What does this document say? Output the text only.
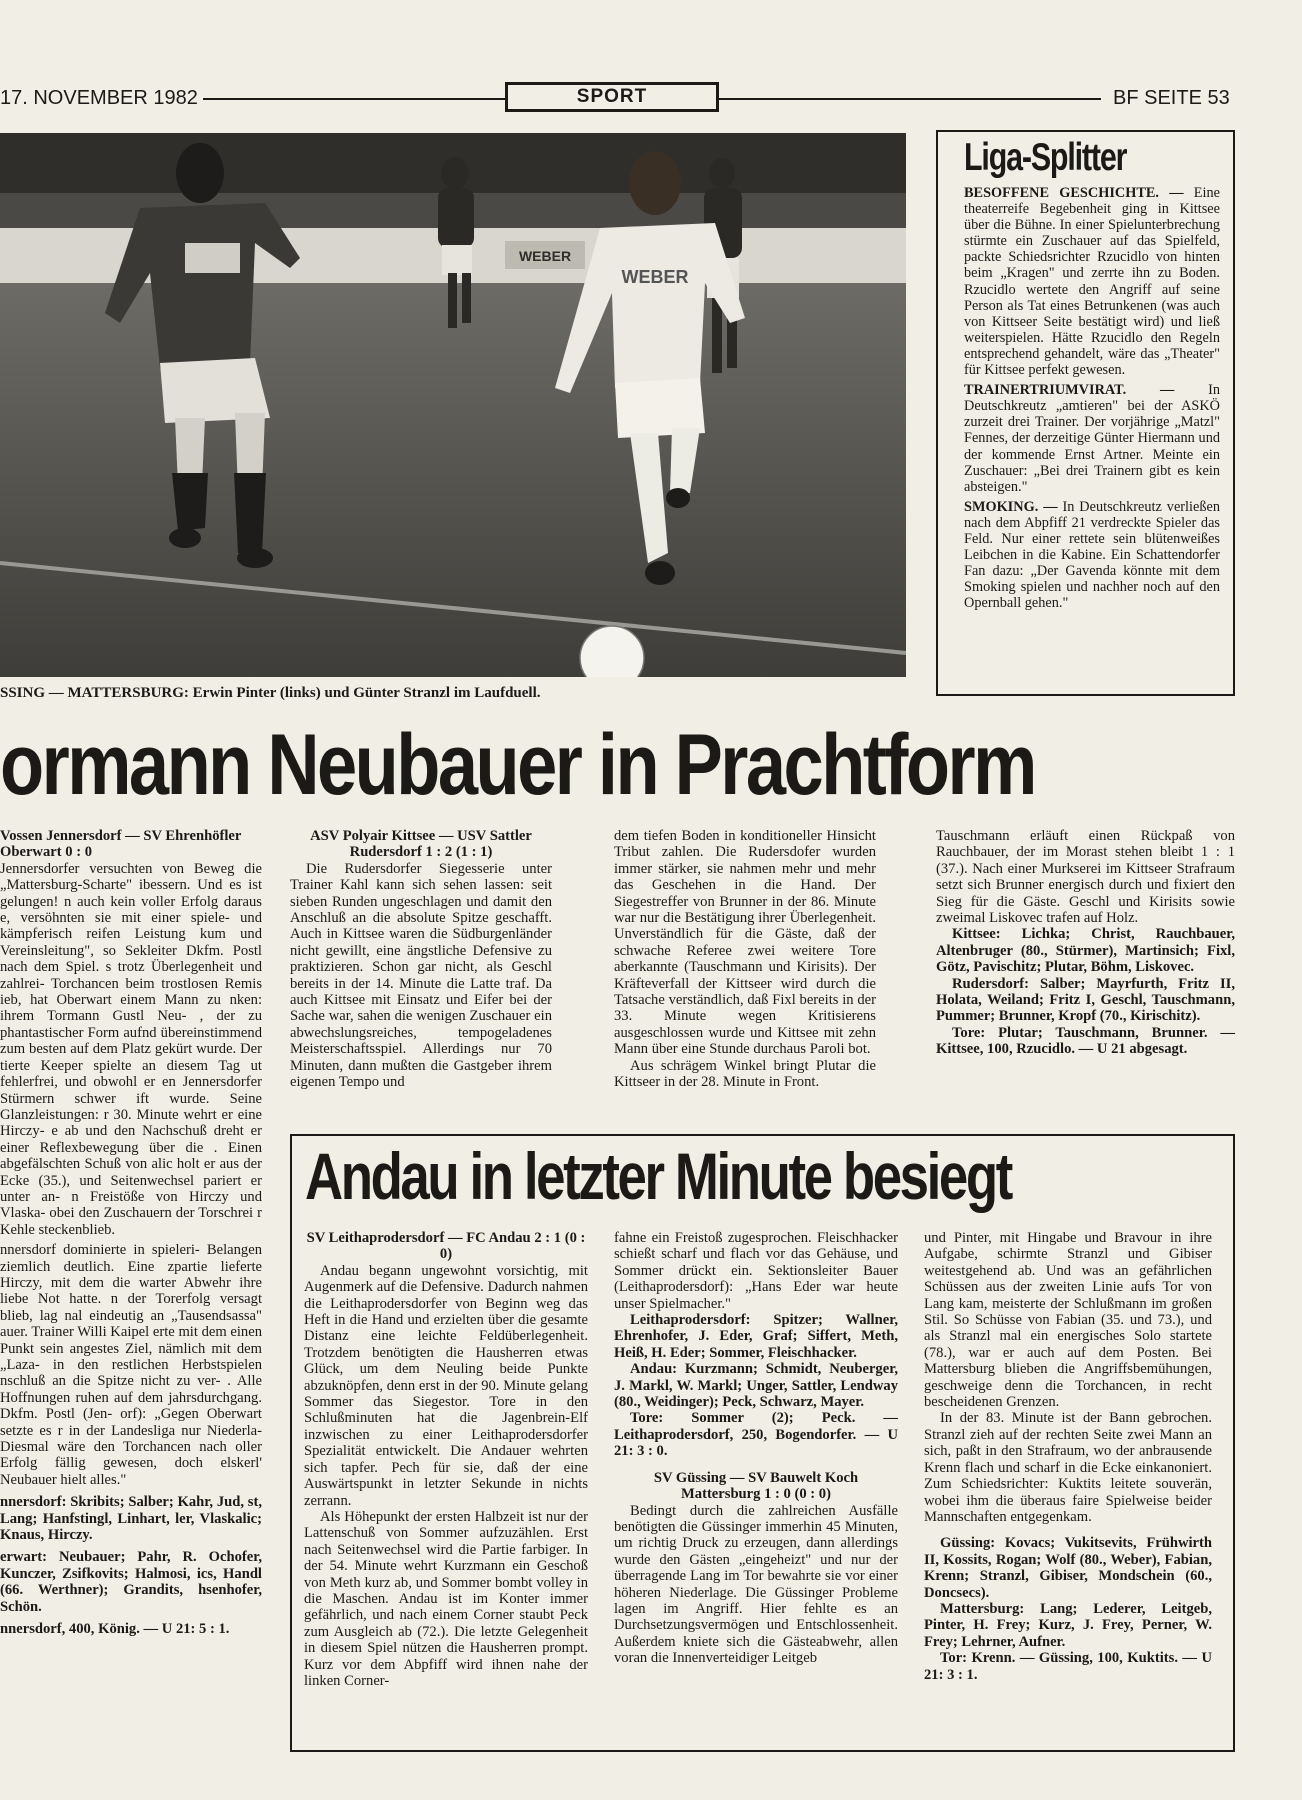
17. NOVEMBER 1982	SPORT	BF SEITE 53
WEBER
WEBER
SSING — MATTERSBURG: Erwin Pinter (links) und Günter Stranzl im Laufduell.
Liga-Splitter

BESOFFENE GESCHICHTE. — Eine theaterreife Begebenheit ging in Kittsee über die Bühne. In einer Spielunterbrechung stürmte ein Zuschauer auf das Spielfeld, packte Schiedsrichter Rzucidlo von hinten beim „Kragen" und zerrte ihn zu Boden. Rzucidlo wertete den Angriff auf seine Person als Tat eines Betrunkenen (was auch von Kittseer Seite bestätigt wird) und ließ weiterspielen. Hätte Rzucidlo den Regeln entsprechend gehandelt, wäre das „Theater" für Kittsee perfekt gewesen.

TRAINERTRIUMVIRAT. — In Deutschkreutz „amtieren" bei der ASKÖ zurzeit drei Trainer. Der vorjährige „Matzl" Fennes, der derzeitige Günter Hiermann und der kommende Ernst Artner. Meinte ein Zuschauer: „Bei drei Trainern gibt es kein absteigen."

SMOKING. — In Deutschkreutz verließen nach dem Abpfiff 21 verdreckte Spieler das Feld. Nur einer rettete sein blütenweißes Leibchen in die Kabine. Ein Schattendorfer Fan dazu: „Der Gavenda könnte mit dem Smoking spielen und nachher noch auf den Opernball gehen."

ormann Neubauer in Prachtform

Vossen Jennersdorf — SV Ehrenhöfler Oberwart 0 : 0

Jennersdorfer versuchten von Beweg die „Mattersburg-Scharte" ibessern. Und es ist gelungen! n auch kein voller Erfolg daraus e, versöhnten sie mit einer spiele- und kämpferisch reifen Leistung kum und Vereinsleitung", so Sekleiter Dkfm. Postl nach dem Spiel. s trotz Überlegenheit und zahlrei- Torchancen beim trostlosen Remis ieb, hat Oberwart einem Mann zu nken: ihrem Tormann Gustl Neu- , der zu phantastischer Form aufnd übereinstimmend zum besten auf dem Platz gekürt wurde. Der tierte Keeper spielte an diesem Tag ut fehlerfrei, und obwohl er en Jennersdorfer Stürmern schwer ift wurde. Seine Glanzleistungen: r 30. Minute wehrt er eine Hirczy- e ab und den Nachschuß dreht er einer Reflexbewegung über die . Einen abgefälschten Schuß von alic holt er aus der Ecke (35.), und Seitenwechsel pariert er unter an- n Freistöße von Hirczy und Vlaska- obei den Zuschauern der Torschrei r Kehle steckenblieb.

nnersdorf dominierte in spieleri- Belangen ziemlich deutlich. Eine zpartie lieferte Hirczy, mit dem die warter Abwehr ihre liebe Not hatte. n der Torerfolg versagt blieb, lag nal eindeutig an „Tausendsassa" auer. Trainer Willi Kaipel erte mit dem einen Punkt sein angestes Ziel, nämlich mit dem „Laza- in den restlichen Herbstspielen nschluß an die Spitze nicht zu ver- . Alle Hoffnungen ruhen auf dem jahrsdurchgang. Dkfm. Postl (Jen- orf): „Gegen Oberwart setzte es r in der Landesliga nur Niederla- Diesmal wäre den Torchancen nach oller Erfolg fällig gewesen, doch elskerl' Neubauer hielt alles."

nnersdorf: Skribits; Salber; Kahr, Jud, st, Lang; Hanfstingl, Linhart, ler, Vlaskalic; Knaus, Hirczy.

erwart: Neubauer; Pahr, R. Ochofer, Kunczer, Zsifkovits; Halmosi, ics, Handl (66. Werthner); Grandits, hsenhofer, Schön.

nnersdorf, 400, König. — U 21: 5 : 1.

ASV Polyair Kittsee — USV Sattler Rudersdorf 1 : 2 (1 : 1)

Die Rudersdorfer Siegesserie unter Trainer Kahl kann sich sehen lassen: seit sieben Runden ungeschlagen und damit den Anschluß an die absolute Spitze geschafft. Auch in Kittsee waren die Südburgenländer nicht gewillt, eine ängstliche Defensive zu praktizieren. Schon gar nicht, als Geschl bereits in der 14. Minute die Latte traf. Da auch Kittsee mit Einsatz und Eifer bei der Sache war, sahen die wenigen Zuschauer ein abwechslungsreiches, tempogeladenes Meisterschaftsspiel. Allerdings nur 70 Minuten, dann mußten die Gastgeber ihrem eigenen Tempo und

dem tiefen Boden in konditioneller Hinsicht Tribut zahlen. Die Rudersdofer wurden immer stärker, sie nahmen mehr und mehr das Geschehen in die Hand. Der Siegestreffer von Brunner in der 86. Minute war nur die Bestätigung ihrer Überlegenheit. Unverständlich für die Gäste, daß der schwache Referee zwei weitere Tore aberkannte (Tauschmann und Kirisits). Der Kräfteverfall der Kittseer wird durch die Tatsache verständlich, daß Fixl bereits in der 33. Minute wegen Kritisierens ausgeschlossen wurde und Kittsee mit zehn Mann über eine Stunde durchaus Paroli bot.

Aus schrägem Winkel bringt Plutar die Kittseer in der 28. Minute in Front.

Tauschmann erläuft einen Rückpaß von Rauchbauer, der im Morast stehen bleibt 1 : 1 (37.). Nach einer Murkserei im Kittseer Strafraum setzt sich Brunner energisch durch und fixiert den Sieg für die Gäste. Geschl und Kirisits sowie zweimal Liskovec trafen auf Holz.

Kittsee: Lichka; Christ, Rauchbauer, Altenbruger (80., Stürmer), Martinsich; Fixl, Götz, Pavischitz; Plutar, Böhm, Liskovec.

Rudersdorf: Salber; Mayrfurth, Fritz II, Holata, Weiland; Fritz I, Geschl, Tauschmann, Pummer; Brunner, Kropf (70., Kirischitz).

Tore: Plutar; Tauschmann, Brunner. — Kittsee, 100, Rzucidlo. — U 21 abgesagt.

Andau in letzter Minute besiegt

SV Leithaprodersdorf — FC Andau 2 : 1 (0 : 0)

Andau begann ungewohnt vorsichtig, mit Augenmerk auf die Defensive. Dadurch nahmen die Leithaprodersdorfer von Beginn weg das Heft in die Hand und erzielten über die gesamte Distanz eine leichte Feldüberlegenheit. Trotzdem benötigten die Hausherren etwas Glück, um dem Neuling beide Punkte abzuknöpfen, denn erst in der 90. Minute gelang Sommer das Siegestor. Tore in den Schlußminuten hat die Jagenbrein-Elf inzwischen zu einer Leithaprodersdorfer Spezialität entwickelt. Die Andauer wehrten sich tapfer. Pech für sie, daß der eine Auswärtspunkt in letzter Sekunde in nichts zerrann.

Als Höhepunkt der ersten Halbzeit ist nur der Lattenschuß von Sommer aufzuzählen. Erst nach Seitenwechsel wird die Partie farbiger. In der 54. Minute wehrt Kurzmann ein Geschoß von Meth kurz ab, und Sommer bombt volley in die Maschen. Andau ist im Konter immer gefährlich, und nach einem Corner staubt Peck zum Ausgleich ab (72.). Die letzte Gelegenheit in diesem Spiel nützen die Hausherren prompt. Kurz vor dem Abpfiff wird ihnen nahe der linken Corner-

fahne ein Freistoß zugesprochen. Fleischhacker schießt scharf und flach vor das Gehäuse, und Sommer drückt ein. Sektionsleiter Bauer (Leithaprodersdorf): „Hans Eder war heute unser Spielmacher."

Leithaprodersdorf: Spitzer; Wallner, Ehrenhofer, J. Eder, Graf; Siffert, Meth, Heiß, H. Eder; Sommer, Fleischhacker.

Andau: Kurzmann; Schmidt, Neuberger, J. Markl, W. Markl; Unger, Sattler, Lendway (80., Weidinger); Peck, Schwarz, Mayer.

Tore: Sommer (2); Peck. — Leithaprodersdorf, 250, Bogendorfer. — U 21: 3 : 0.

SV Güssing — SV Bauwelt Koch Mattersburg 1 : 0 (0 : 0)

Bedingt durch die zahlreichen Ausfälle benötigten die Güssinger immerhin 45 Minuten, um richtig Druck zu erzeugen, dann allerdings wurde den Gästen „eingeheizt" und nur der überragende Lang im Tor bewahrte sie vor einer höheren Niederlage. Die Güssinger Probleme lagen im Angriff. Hier fehlte es an Durchsetzungsvermögen und Entschlossenheit. Außerdem kniete sich die Gästeabwehr, allen voran die Innenverteidiger Leitgeb

und Pinter, mit Hingabe und Bravour in ihre Aufgabe, schirmte Stranzl und Gibiser weitestgehend ab. Und was an gefährlichen Schüssen aus der zweiten Linie aufs Tor von Lang kam, meisterte der Schlußmann im großen Stil. So Schüsse von Fabian (35. und 73.), und als Stranzl mal ein energisches Solo startete (78.), war er auch auf dem Posten. Bei Mattersburg blieben die Angriffsbemühungen, geschweige denn die Torchancen, in recht bescheidenen Grenzen.

In der 83. Minute ist der Bann gebrochen. Stranzl zieh auf der rechten Seite zwei Mann an sich, paßt in den Strafraum, wo der anbrausende Krenn flach und scharf in die Ecke einkanoniert. Zum Schiedsrichter: Kuktits leitete souverän, wobei ihm die überaus faire Spielweise beider Mannschaften entgegenkam.

Güssing: Kovacs; Vukitsevits, Frühwirth II, Kossits, Rogan; Wolf (80., Weber), Fabian, Krenn; Stranzl, Gibiser, Mondschein (60., Doncsecs).

Mattersburg: Lang; Lederer, Leitgeb, Pinter, H. Frey; Kurz, J. Frey, Perner, W. Frey; Lehrner, Aufner.

Tor: Krenn. — Güssing, 100, Kuktits. — U 21: 3 : 1.
